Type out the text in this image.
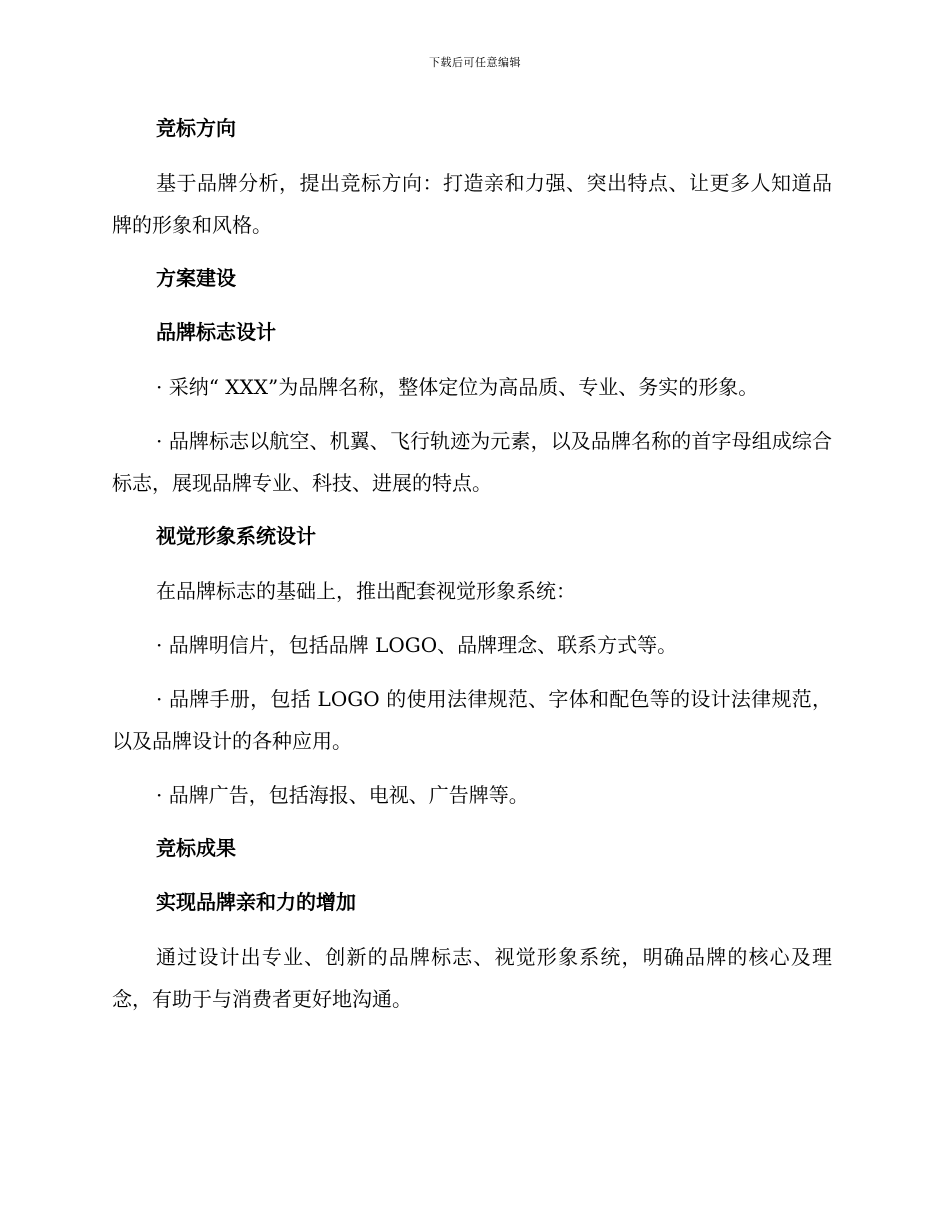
下载后可任意编辑
竞标方向

基于品牌分析，提出竞标方向：打造亲和力强、突出特点、让更多人知道品牌的形象和风格。

方案建设
品牌标志设计

· 采纳“ XXX”为品牌名称，整体定位为高品质、专业、务实的形象。

· 品牌标志以航空、机翼、飞行轨迹为元素，以及品牌名称的首字母组成综合标志，展现品牌专业、科技、进展的特点。

视觉形象系统设计

在品牌标志的基础上，推出配套视觉形象系统：

· 品牌明信片，包括品牌 LOGO、品牌理念、联系方式等。

· 品牌手册，包括 LOGO 的使用法律规范、字体和配色等的设计法律规范，以及品牌设计的各种应用。

· 品牌广告，包括海报、电视、广告牌等。

竞标成果
实现品牌亲和力的增加

通过设计出专业、创新的品牌标志、视觉形象系统，明确品牌的核心及理念，有助于与消费者更好地沟通。
